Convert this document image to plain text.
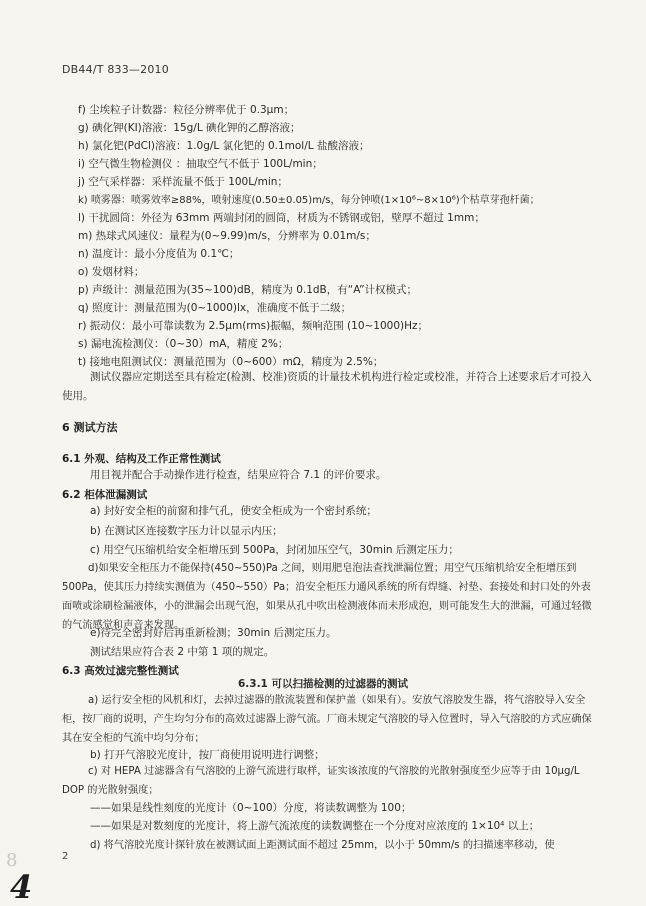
DB44/T 833—2010
f) 尘埃粒子计数器：粒径分辨率优于 0.3μm；
g) 碘化钾(KI)溶液：15g/L 碘化钾的乙醇溶液；
h) 氯化钯(PdCl)溶液：1.0g/L 氯化钯的 0.1mol/L 盐酸溶液；
i) 空气微生物检测仪 ：抽取空气不低于 100L/min；
j) 空气采样器：采样流量不低于 100L/min；
k) 喷雾器：喷雾效率≥88%，喷射速度(0.50±0.05)m/s，每分钟喷(1×10⁶~8×10⁶)个枯草芽孢杆菌；
l) 干扰圆筒：外径为 63mm 两端封闭的圆筒，材质为不锈钢或铝，壁厚不超过 1mm；
m) 热球式风速仪：量程为(0~9.99)m/s，分辨率为 0.01m/s；
n) 温度计：最小分度值为 0.1℃；
o) 发烟材料；
p) 声级计：测量范围为(35~100)dB，精度为 0.1dB，有“A”计权模式；
q) 照度计：测量范围为(0~1000)lx，准确度不低于二级；
r) 振动仪：最小可靠读数为 2.5μm(rms)振幅，频响范围 (10~1000)Hz；
s) 漏电流检测仪：（0~30）mA，精度 2%；
t) 接地电阻测试仪：测量范围为（0~600）mΩ，精度为 2.5%；
测试仪器应定期送至具有检定(检测、校准)资质的计量技术机构进行检定或校准，并符合上述要求后才可投入使用。
6 测试方法
6.1 外观、结构及工作正常性测试
用目视并配合手动操作进行检查，结果应符合 7.1 的评价要求。
6.2 柜体泄漏测试
a) 封好安全柜的前窗和排气孔，使安全柜成为一个密封系统；
b) 在测试区连接数字压力计以显示内压；
c) 用空气压缩机给安全柜增压到 500Pa，封闭加压空气，30min 后测定压力；
d)如果安全柜压力不能保持(450~550)Pa 之间，则用肥皂泡法查找泄漏位置；用空气压缩机给安全柜增压到 500Pa，使其压力持续实测值为（450~550）Pa；沿安全柜压力通风系统的所有焊缝、衬垫、套接处和封口处的外表面喷或涂刷检漏液体，小的泄漏会出现气泡，如果从孔中吹出检测液体而未形成泡，则可能发生大的泄漏，可通过轻微的气流感觉和声音来发现。
e)待完全密封好后再重新检测；30min 后测定压力。
测试结果应符合表 2 中第 1 项的规定。
6.3 高效过滤完整性测试
6.3.1 可以扫描检测的过滤器的测试
a) 运行安全柜的风机和灯，去掉过滤器的散流装置和保护盖（如果有）。安放气溶胶发生器，将气溶胶导入安全柜，按厂商的说明，产生均匀分布的高效过滤器上游气流。厂商未规定气溶胶的导入位置时，导入气溶胶的方式应确保其在安全柜的气流中均匀分布；
b) 打开气溶胶光度计，按厂商使用说明进行调整；
c) 对 HEPA 过滤器含有气溶胶的上游气流进行取样，证实该浓度的气溶胶的光散射强度至少应等于由 10μg/L DOP 的光散射强度；
——如果是线性刻度的光度计（0~100）分度，将读数调整为 100；
——如果是对数刻度的光度计，将上游气流浓度的读数调整在一个分度对应浓度的 1×10⁴ 以上；
d) 将气溶胶光度计探针放在被测试面上距测试面不超过 25mm，以小于 50mm/s 的扫描速率移动，使
2
8
4
